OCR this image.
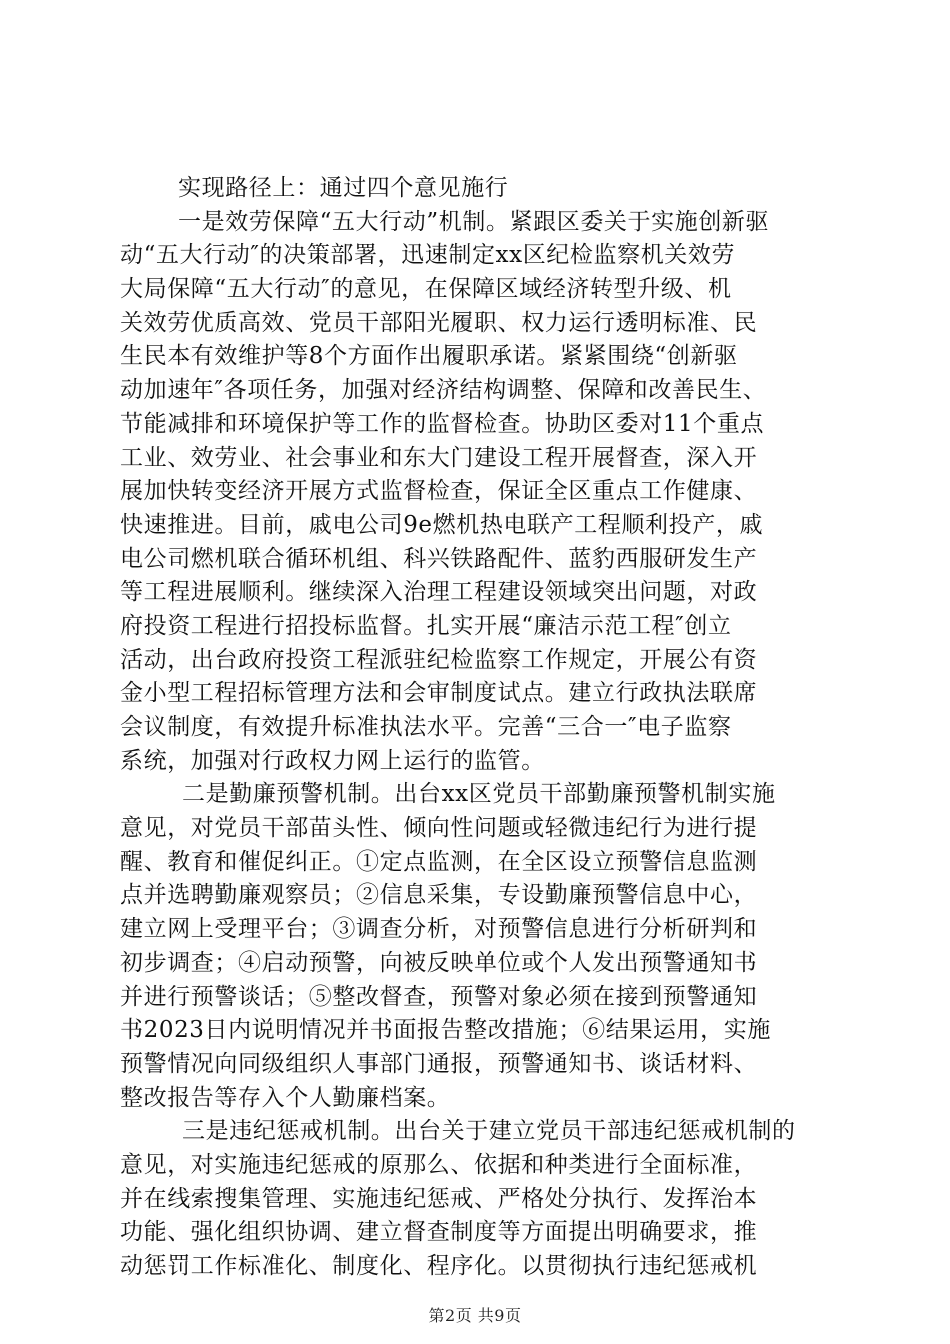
实现路径上：通过四个意见施行
一是效劳保障“五大行动”机制。紧跟区委关于实施创新驱
动“五大行动″的决策部署，迅速制定xx区纪检监察机关效劳
大局保障“五大行动″的意见，在保障区域经济转型升级、机
关效劳优质高效、党员干部阳光履职、权力运行透明标准、民
生民本有效维护等8个方面作出履职承诺。紧紧围绕“创新驱
动加速年″各项任务，加强对经济结构调整、保障和改善民生、
节能减排和环境保护等工作的监督检查。协助区委对11个重点
工业、效劳业、社会事业和东大门建设工程开展督查，深入开
展加快转变经济开展方式监督检查，保证全区重点工作健康、
快速推进。目前，戚电公司9e燃机热电联产工程顺利投产，戚
电公司燃机联合循环机组、科兴铁路配件、蓝豹西服研发生产
等工程进展顺利。继续深入治理工程建设领域突出问题，对政
府投资工程进行招投标监督。扎实开展“廉洁示范工程″创立
活动，出台政府投资工程派驻纪检监察工作规定，开展公有资
金小型工程招标管理方法和会审制度试点。建立行政执法联席
会议制度，有效提升标准执法水平。完善“三合一″电子监察
系统，加强对行政权力网上运行的监管。
二是勤廉预警机制。出台xx区党员干部勤廉预警机制实施
意见，对党员干部苗头性、倾向性问题或轻微违纪行为进行提
醒、教育和催促纠正。①定点监测，在全区设立预警信息监测
点并选聘勤廉观察员；②信息采集，专设勤廉预警信息中心，
建立网上受理平台；③调查分析，对预警信息进行分析研判和
初步调查；④启动预警，向被反映单位或个人发出预警通知书
并进行预警谈话；⑤整改督查，预警对象必须在接到预警通知
书2023日内说明情况并书面报告整改措施；⑥结果运用，实施
预警情况向同级组织人事部门通报，预警通知书、谈话材料、
整改报告等存入个人勤廉档案。
三是违纪惩戒机制。出台关于建立党员干部违纪惩戒机制的
意见，对实施违纪惩戒的原那么、依据和种类进行全面标准，
并在线索搜集管理、实施违纪惩戒、严格处分执行、发挥治本
功能、强化组织协调、建立督查制度等方面提出明确要求，推
动惩罚工作标准化、制度化、程序化。以贯彻执行违纪惩戒机
第2页 共9页
